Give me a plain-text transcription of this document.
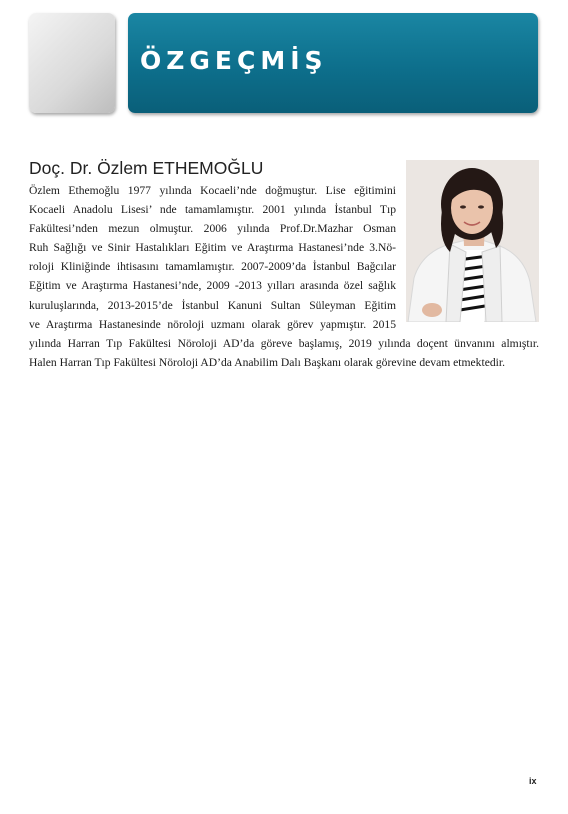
ÖZGEÇMİŞ
Doç. Dr. Özlem ETHEMOĞLU
Özlem Ethemoğlu 1977 yılında Kocaeli’nde doğmuştur. Lise eğitimini
Kocaeli Anadolu Lisesi’ nde tamamlamıştır. 2001 yılında İstanbul Tıp
Fakültesi’nden mezun olmuştur. 2006 yılında Prof.Dr.Mazhar Osman
Ruh Sağlığı ve Sinir Hastalıkları Eğitim ve Araştırma Hastanesi’nde 3.Nö-
roloji Kliniğinde ihtisasını tamamlamıştır. 2007-2009’da İstanbul Bağcılar
Eğitim ve Araştırma Hastanesi’nde, 2009 -2013 yılları arasında özel sağlık
kuruluşlarında, 2013-2015’de İstanbul Kanuni Sultan Süleyman Eğitim
ve Araştırma Hastanesinde nöroloji uzmanı olarak görev yapmıştır. 2015
yılında Harran Tıp Fakültesi Nöroloji AD’da göreve başlamış, 2019 yılında doçent ünvanını almıştır.
Halen Harran Tıp Fakültesi Nöroloji AD’da Anabilim Dalı Başkanı olarak görevine devam etmektedir.
ix
